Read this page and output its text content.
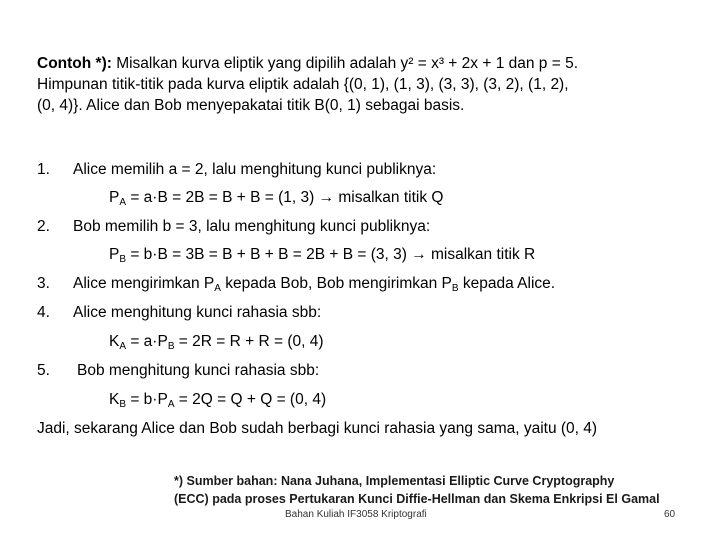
Contoh *): Misalkan kurva eliptik yang dipilih adalah y² = x³ + 2x + 1 dan p = 5.
Himpunan titik-titik pada kurva eliptik adalah {(0, 1), (1, 3), (3, 3), (3, 2), (1, 2),
(0, 4)}. Alice dan Bob menyepakatai titik B(0, 1) sebagai basis.
1. Alice memilih a = 2, lalu menghitung kunci publiknya:
$P_A = a\cdot B = 2B = B + B = (1$, 3) → misalkan titik Q
2. Bob memilih b = 3, lalu menghitung kunci publiknya:
$P_B = b\cdot B = 3B = B + B + B = 2B + B = (3$, 3) → misalkan titik R
3. Alice mengirimkan $P_A$ kepada Bob, Bob mengirimkan $P_B$ kepada Alice.
4. Alice menghitung kunci rahasia sbb:
$K_A = a\cdot P_B = 2R = R + R = (0$, 4)
5. Bob menghitung kunci rahasia sbb:
$K_B = b\cdot P_A = 2Q = Q + Q = (0$, 4)
Jadi, sekarang Alice dan Bob sudah berbagi kunci rahasia yang sama, yaitu (0, 4)
*) Sumber bahan: Nana Juhana, Implementasi Elliptic Curve Cryptography
(ECC) pada proses Pertukaran Kunci Diffie-Hellman dan Skema Enkripsi El Gamal
Bahan Kuliah IF3058 Kriptografi	60
